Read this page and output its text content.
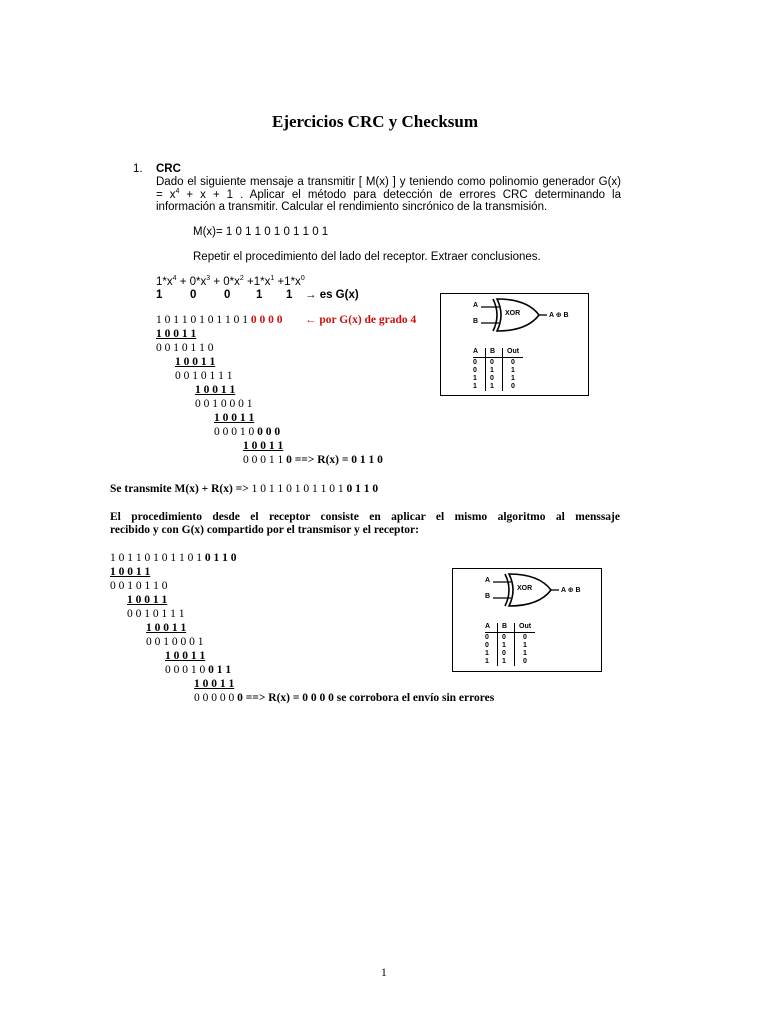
Ejercicios CRC y Checksum
1. CRC
Dado el siguiente mensaje a transmitir [ M(x) ] y teniendo como polinomio generador G(x)
= $x^4 + x + 1$ . Aplicar el método para detección de errores CRC determinando la
información a transmitir. Calcular el rendimiento sincrónico de la transmisión.
M(x)= 1 0 1 1 0 1 0 1 1 0 1
Repetir el procedimiento del lado del receptor. Extraer conclusiones.
$1*x^4 + 0*x^3 + 0*x^2 +1*x^1 +1*x^0$
1 0 0 1 1 → es G(x)
1 0 1 1 0 1 0 1 1 0 1 0 0 0 0 ← por G(x) de grado 4
1 0 0 1 1
0 0 1 0 1 1 0
1 0 0 1 1
0 0 1 0 1 1 1
1 0 0 1 1
0 0 1 0 0 0 1
1 0 0 1 1
0 0 0 1 0 0 0 0
1 0 0 1 1
0 0 0 1 1 0 ==> R(x) = 0 1 1 0
Se transmite M(x) + R(x) => 1 0 1 1 0 1 0 1 1 0 1 0 1 1 0
El procedimiento desde el receptor consiste en aplicar el mismo algoritmo al menssaje
recibido y con G(x) compartido por el transmisor y el receptor:
1 0 1 1 0 1 0 1 1 0 1 0 1 1 0
1 0 0 1 1
0 0 1 0 1 1 0
1 0 0 1 1
0 0 1 0 1 1 1
1 0 0 1 1
0 0 1 0 0 0 1
1 0 0 1 1
0 0 0 1 0 0 1 1
1 0 0 1 1
0 0 0 0 0 0 ==> R(x) = 0 0 0 0 se corrobora el envío sin errores
A
B
XOR	A ⊕ B
A B Out
0 0 0
0 1 1
1 0 1
1 1 0
A
B
XOR	A ⊕ B
A B Out
0 0 0
0 1 1
1 0 1
1 1 0
1
